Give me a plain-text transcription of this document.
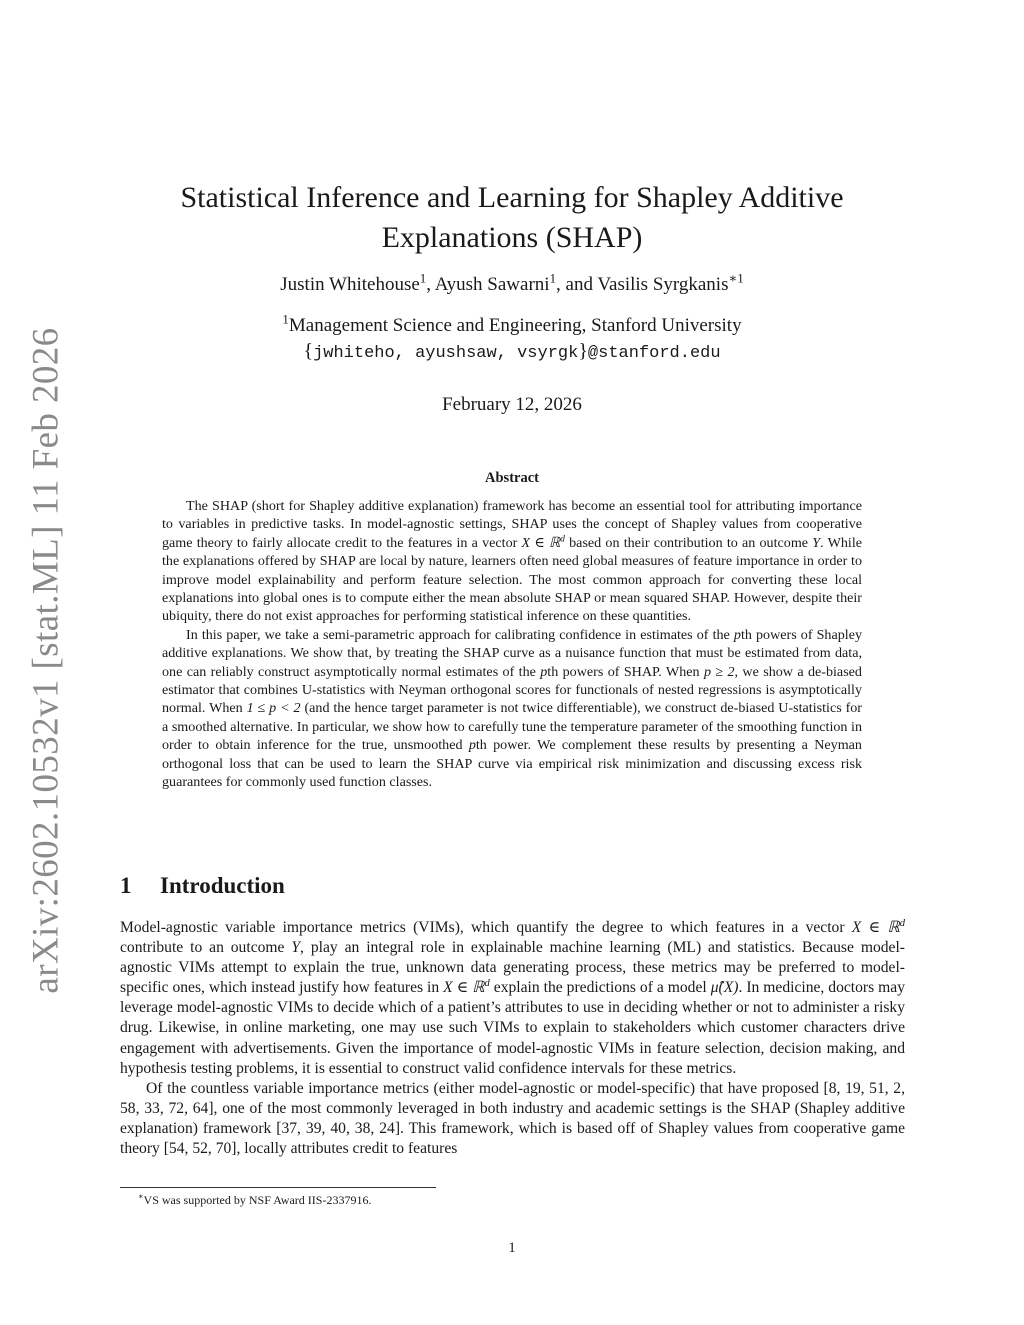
arXiv:2602.10532v1 [stat.ML] 11 Feb 2026
Statistical Inference and Learning for Shapley Additive Explanations (SHAP)
Justin Whitehouse$^1$, Ayush Sawarni$^1$, and Vasilis Syrgkanis$^{∗1}$
$^1$Management Science and Engineering, Stanford University
{jwhiteho, ayushsaw, vsyrgk}@stanford.edu
February 12, 2026
Abstract

The SHAP (short for Shapley additive explanation) framework has become an essential tool for attributing importance to variables in predictive tasks. In model-agnostic settings, SHAP uses the concept of Shapley values from cooperative game theory to fairly allocate credit to the features in a vector X ∈ ℝ$^d$ based on their contribution to an outcome Y. While the explanations offered by SHAP are local by nature, learners often need global measures of feature importance in order to improve model explainability and perform feature selection. The most common approach for converting these local explanations into global ones is to compute either the mean absolute SHAP or mean squared SHAP. However, despite their ubiquity, there do not exist approaches for performing statistical inference on these quantities.

In this paper, we take a semi-parametric approach for calibrating confidence in estimates of the pth powers of Shapley additive explanations. We show that, by treating the SHAP curve as a nuisance function that must be estimated from data, one can reliably construct asymptotically normal estimates of the pth powers of SHAP. When p ≥ 2, we show a de-biased estimator that combines U-statistics with Neyman orthogonal scores for functionals of nested regressions is asymptotically normal. When 1 ≤ p < 2 (and the hence target parameter is not twice differentiable), we construct de-biased U-statistics for a smoothed alternative. In particular, we show how to carefully tune the temperature parameter of the smoothing function in order to obtain inference for the true, unsmoothed pth power. We complement these results by presenting a Neyman orthogonal loss that can be used to learn the SHAP curve via empirical risk minimization and discussing excess risk guarantees for commonly used function classes.

1 Introduction

Model-agnostic variable importance metrics (VIMs), which quantify the degree to which features in a vector X ∈ ℝ$^d$ contribute to an outcome Y, play an integral role in explainable machine learning (ML) and statistics. Because model-agnostic VIMs attempt to explain the true, unknown data generating process, these metrics may be preferred to model-specific ones, which instead justify how features in X ∈ ℝ$^d$ explain the predictions of a model μ̂(X). In medicine, doctors may leverage model-agnostic VIMs to decide which of a patient’s attributes to use in deciding whether or not to administer a risky drug. Likewise, in online marketing, one may use such VIMs to explain to stakeholders which customer characters drive engagement with advertisements. Given the importance of model-agnostic VIMs in feature selection, decision making, and hypothesis testing problems, it is essential to construct valid confidence intervals for these metrics.

Of the countless variable importance metrics (either model-agnostic or model-specific) that have proposed [8, 19, 51, 2, 58, 33, 72, 64], one of the most commonly leveraged in both industry and academic settings is the SHAP (Shapley additive explanation) framework [37, 39, 40, 38, 24]. This framework, which is based off of Shapley values from cooperative game theory [54, 52, 70], locally attributes credit to features

∗VS was supported by NSF Award IIS-2337916.
1
